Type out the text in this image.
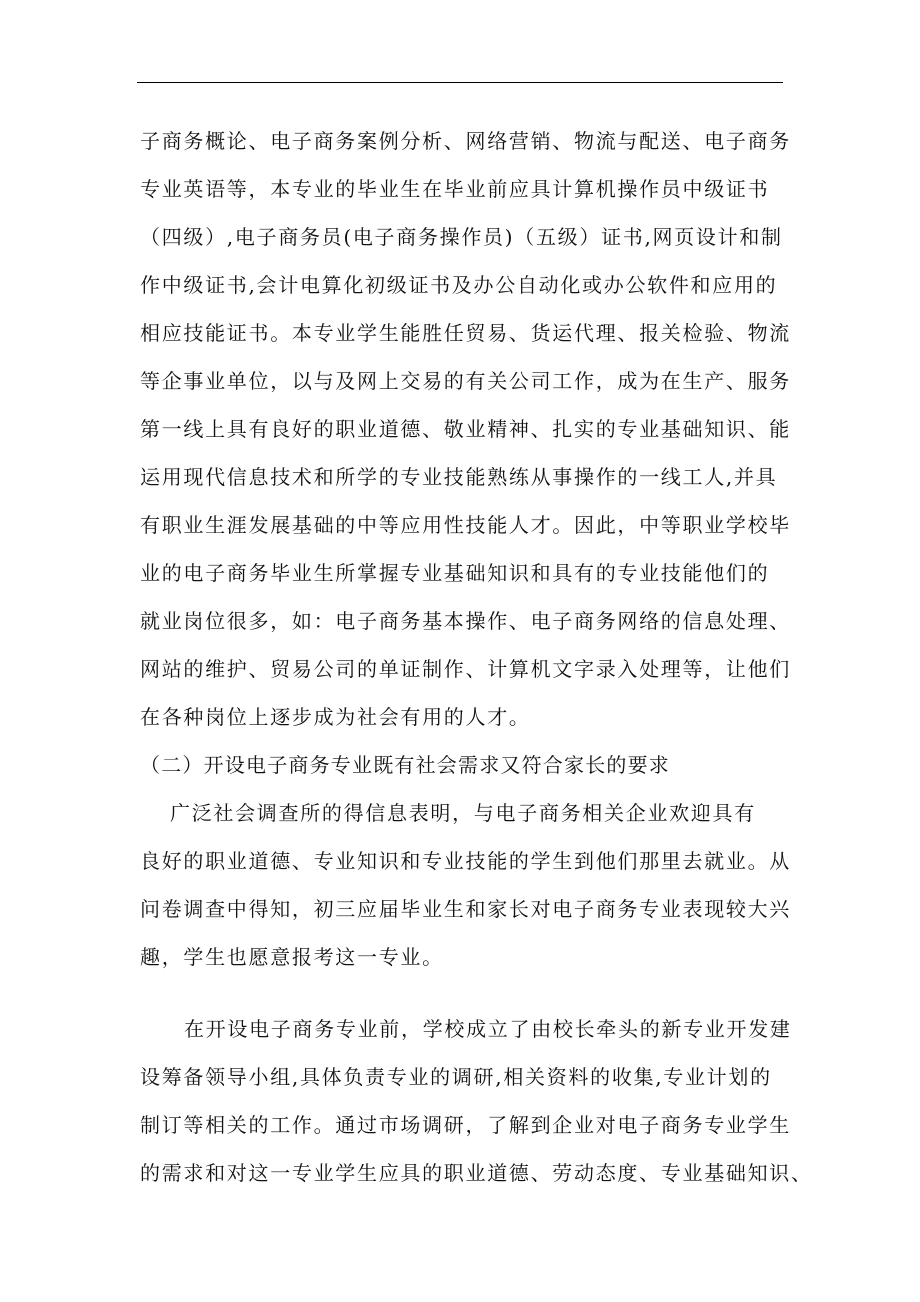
子商务概论、电子商务案例分析、网络营销、物流与配送、电子商务
专业英语等，本专业的毕业生在毕业前应具计算机操作员中级证书
（四级）,电子商务员(电子商务操作员)（五级）证书,网页设计和制
作中级证书,会计电算化初级证书及办公自动化或办公软件和应用的
相应技能证书。本专业学生能胜任贸易、货运代理、报关检验、物流
等企事业单位，以与及网上交易的有关公司工作，成为在生产、服务
第一线上具有良好的职业道德、敬业精神、扎实的专业基础知识、能
运用现代信息技术和所学的专业技能熟练从事操作的一线工人,并具
有职业生涯发展基础的中等应用性技能人才。因此，中等职业学校毕
业的电子商务毕业生所掌握专业基础知识和具有的专业技能他们的
就业岗位很多，如：电子商务基本操作、电子商务网络的信息处理、
网站的维护、贸易公司的单证制作、计算机文字录入处理等，让他们
在各种岗位上逐步成为社会有用的人才。
（二）开设电子商务专业既有社会需求又符合家长的要求
广泛社会调查所的得信息表明，与电子商务相关企业欢迎具有
良好的职业道德、专业知识和专业技能的学生到他们那里去就业。从
问卷调查中得知，初三应届毕业生和家长对电子商务专业表现较大兴
趣，学生也愿意报考这一专业。
在开设电子商务专业前，学校成立了由校长牵头的新专业开发建
设筹备领导小组,具体负责专业的调研,相关资料的收集,专业计划的
制订等相关的工作。通过市场调研，了解到企业对电子商务专业学生
的需求和对这一专业学生应具的职业道德、劳动态度、专业基础知识、
